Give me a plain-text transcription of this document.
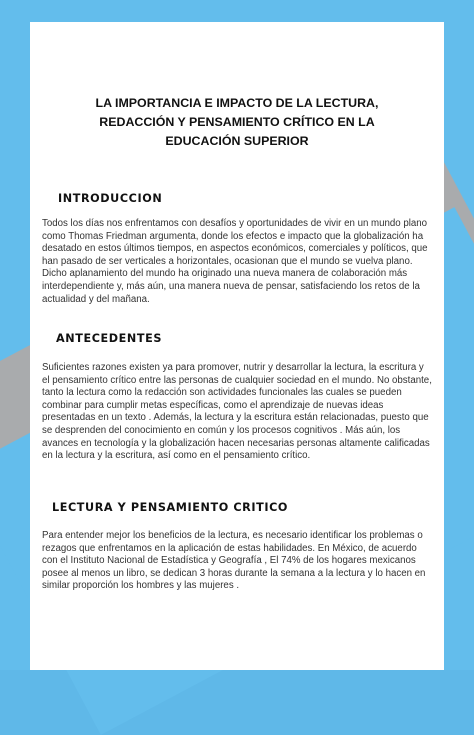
LA IMPORTANCIA E IMPACTO DE LA LECTURA, REDACCIÓN Y PENSAMIENTO CRÍTICO EN LA EDUCACIÓN SUPERIOR
INTRODUCCION

Todos los días nos enfrentamos con desafíos y oportunidades de vivir en un mundo plano como Thomas Friedman argumenta, donde los efectos e impacto que la globalización ha desatado en estos últimos tiempos, en aspectos económicos, comerciales y políticos, que han pasado de ser verticales a horizontales, ocasionan que el mundo se vuelva plano. Dicho aplanamiento del mundo ha originado una nueva manera de colaboración más interdependiente y, más aún, una manera nueva de pensar, satisfaciendo los retos de la actualidad y del mañana.

ANTECEDENTES

Suficientes razones existen ya para promover, nutrir y desarrollar la lectura, la escritura y el pensamiento crítico entre las personas de cualquier sociedad en el mundo. No obstante, tanto la lectura como la redacción son actividades funcionales las cuales se pueden combinar para cumplir metas específicas, como el aprendizaje de nuevas ideas presentadas en un texto . Además, la lectura y la escritura están relacionadas, puesto que se desprenden del conocimiento en común y los procesos cognitivos . Más aún, los avances en tecnología y la globalización hacen necesarias personas altamente calificadas en la lectura y la escritura, así como en el pensamiento crítico.

LECTURA Y PENSAMIENTO CRITICO

Para entender mejor los beneficios de la lectura, es necesario identificar los problemas o rezagos que enfrentamos en la aplicación de estas habilidades. En México, de acuerdo con el Instituto Nacional de Estadística y Geografía , El 74% de los hogares mexicanos posee al menos un libro, se dedican 3 horas durante la semana a la lectura y lo hacen en similar proporción los hombres y las mujeres .
